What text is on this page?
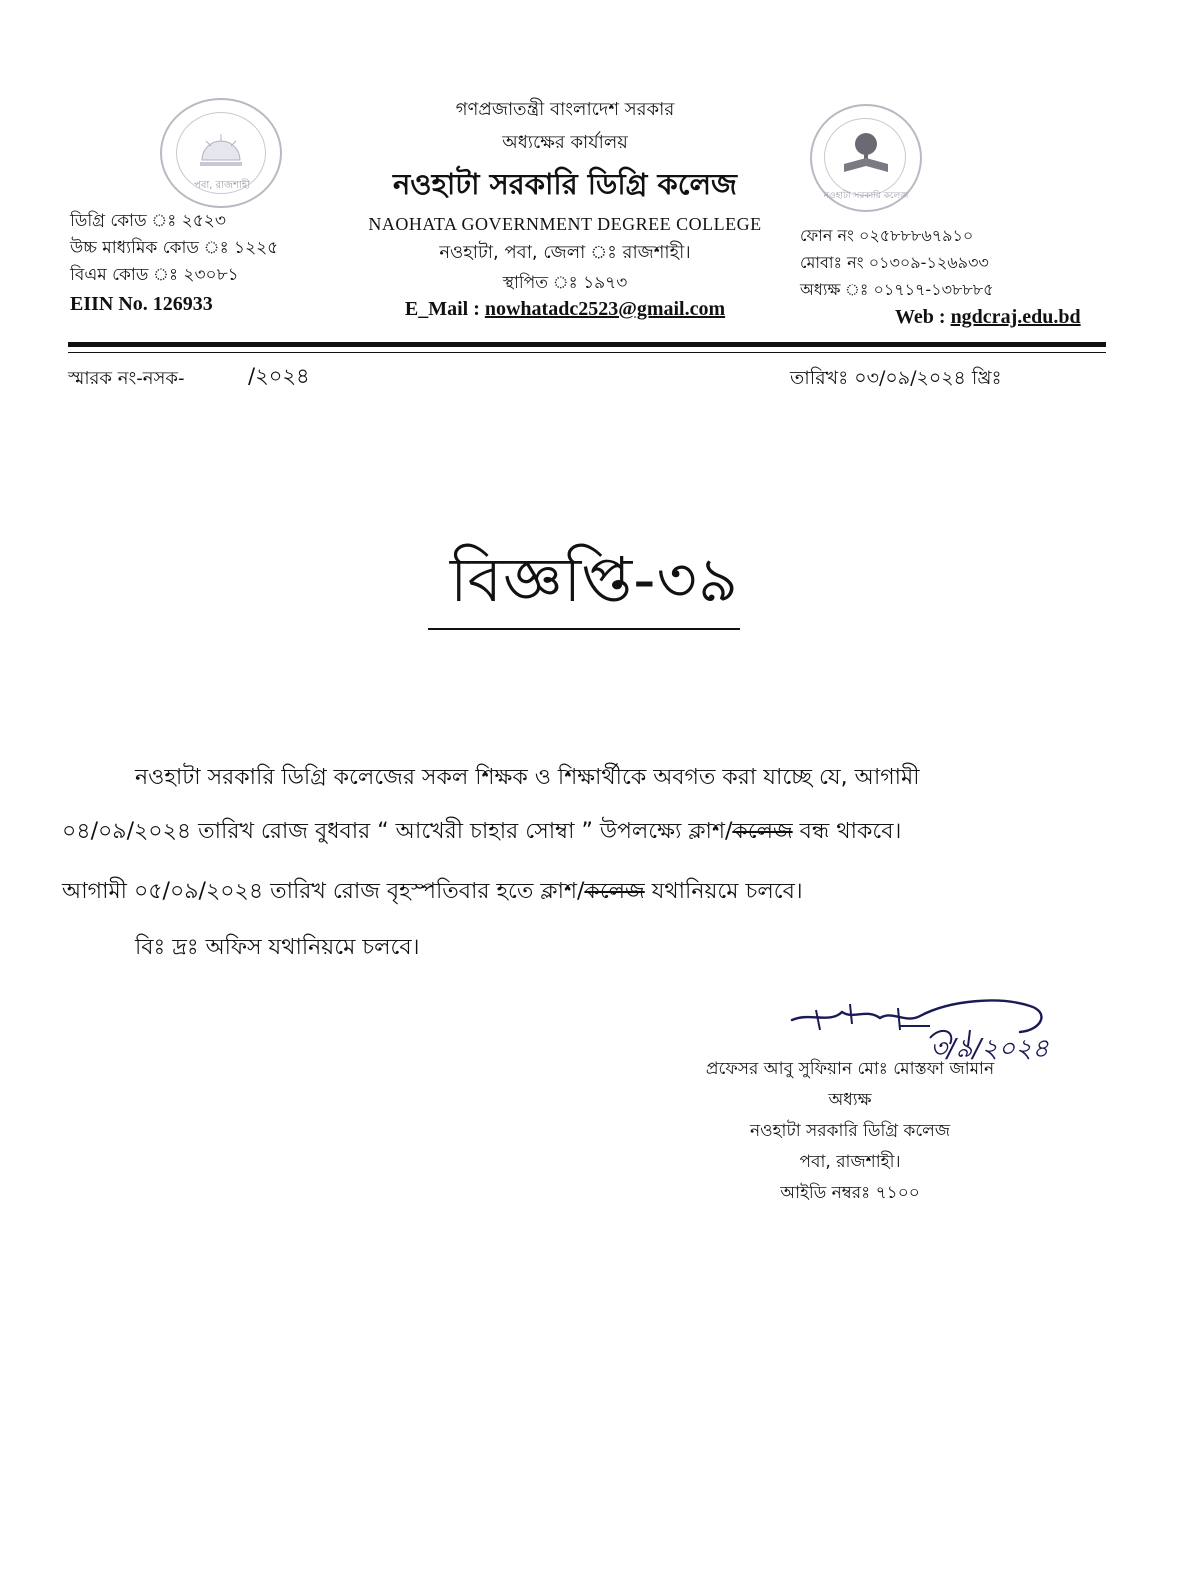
পবা, রাজশাহী
নওহাটা সরকারি কলেজ
গণপ্রজাতন্ত্রী বাংলাদেশ সরকার
অধ্যক্ষের কার্যালয়
নওহাটা সরকারি ডিগ্রি কলেজ
NAOHATA GOVERNMENT DEGREE COLLEGE
নওহাটা, পবা, জেলা ঃ রাজশাহী।
স্থাপিত ঃ ১৯৭৩
E_Mail : nowhatadc2523@gmail.com
ডিগ্রি কোড ঃ ২৫২৩
উচ্চ মাধ্যমিক কোড ঃ ১২২৫
বিএম কোড ঃ ২৩০৮১
EIIN No. 126933
ফোন নং ০২৫৮৮৮৬৭৯১০
মোবাঃ নং ০১৩০৯-১২৬৯৩৩
অধ্যক্ষ ঃ ০১৭১৭-১৩৮৮৮৫
Web : ngdcraj.edu.bd
স্মারক নং-নসক-	/২০২৪	তারিখঃ ০৩/০৯/২০২৪ খ্রিঃ
বিজ্ঞপ্তি-৩৯
নওহাটা সরকারি ডিগ্রি কলেজের সকল শিক্ষক ও শিক্ষার্থীকে অবগত করা যাচ্ছে যে, আগামী
০৪/০৯/২০২৪ তারিখ রোজ বুধবার “ আখেরী চাহার সোম্বা ” উপলক্ষ্যে ক্লাশ/কলেজ বন্ধ থাকবে।
আগামী ০৫/০৯/২০২৪ তারিখ রোজ বৃহস্পতিবার হতে ক্লাশ/কলেজ যথানিয়মে চলবে।
বিঃ দ্রঃ অফিস যথানিয়মে চলবে।
৩/৯/২০২৪
প্রফেসর আবু সুফিয়ান মোঃ মোস্তফা জামান
অধ্যক্ষ
নওহাটা সরকারি ডিগ্রি কলেজ
পবা, রাজশাহী।
আইডি নম্বরঃ ৭১০০
